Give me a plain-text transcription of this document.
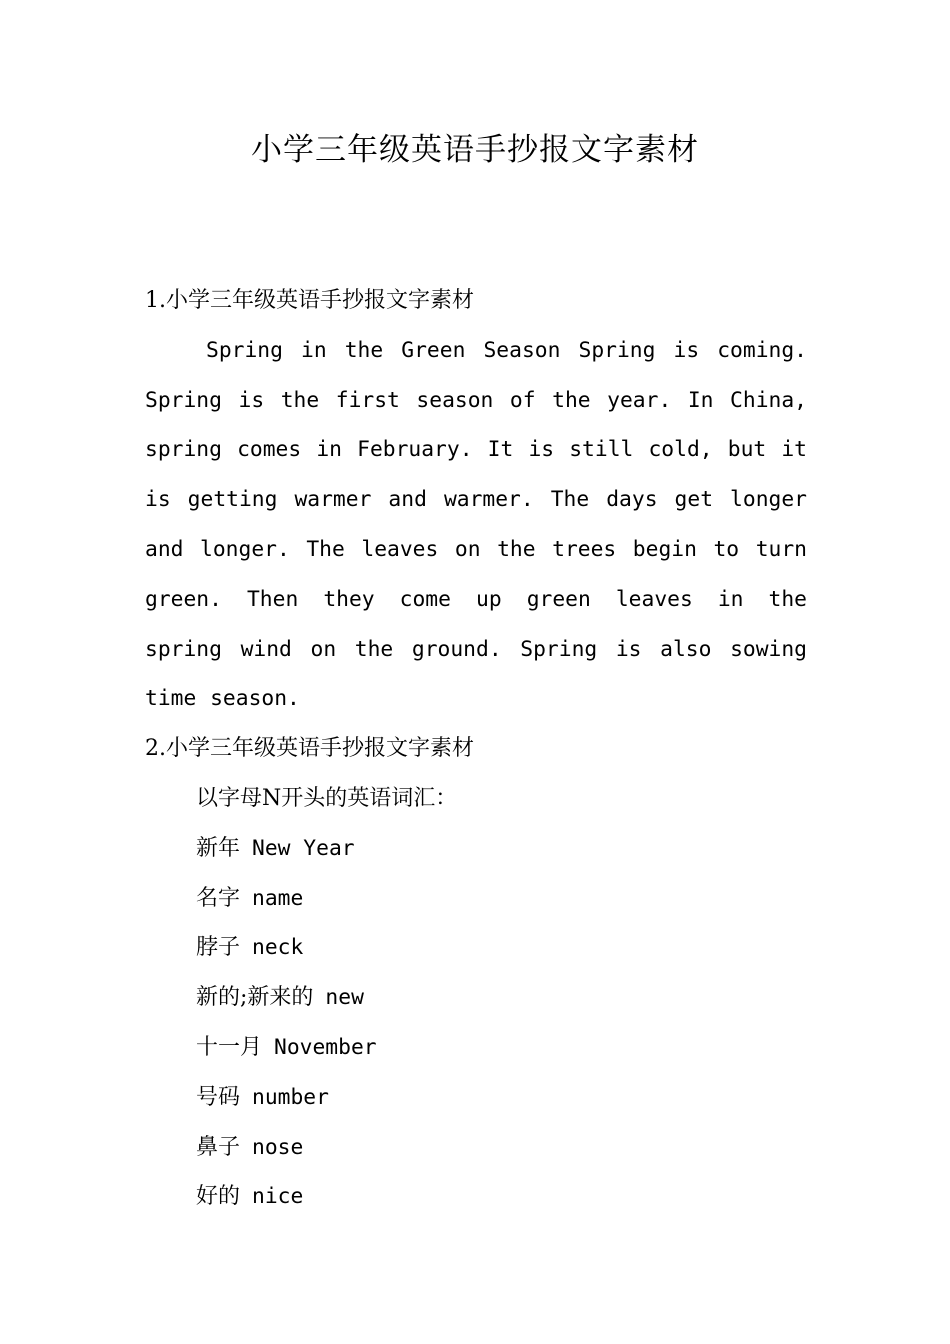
小学三年级英语手抄报文字素材
1.小学三年级英语手抄报文字素材
Spring in the Green Season Spring is coming. Spring is the first season of the year. In China, spring comes in February. It is still cold, but it is getting warmer and warmer. The days get longer and longer. The leaves on the trees begin to turn green. Then they come up green leaves in the spring wind on the ground. Spring is also sowing time season.
2.小学三年级英语手抄报文字素材
以字母N开头的英语词汇：
新年 New Year
名字 name
脖子 neck
新的;新来的 new
十一月 November
号码 number
鼻子 nose
好的 nice
